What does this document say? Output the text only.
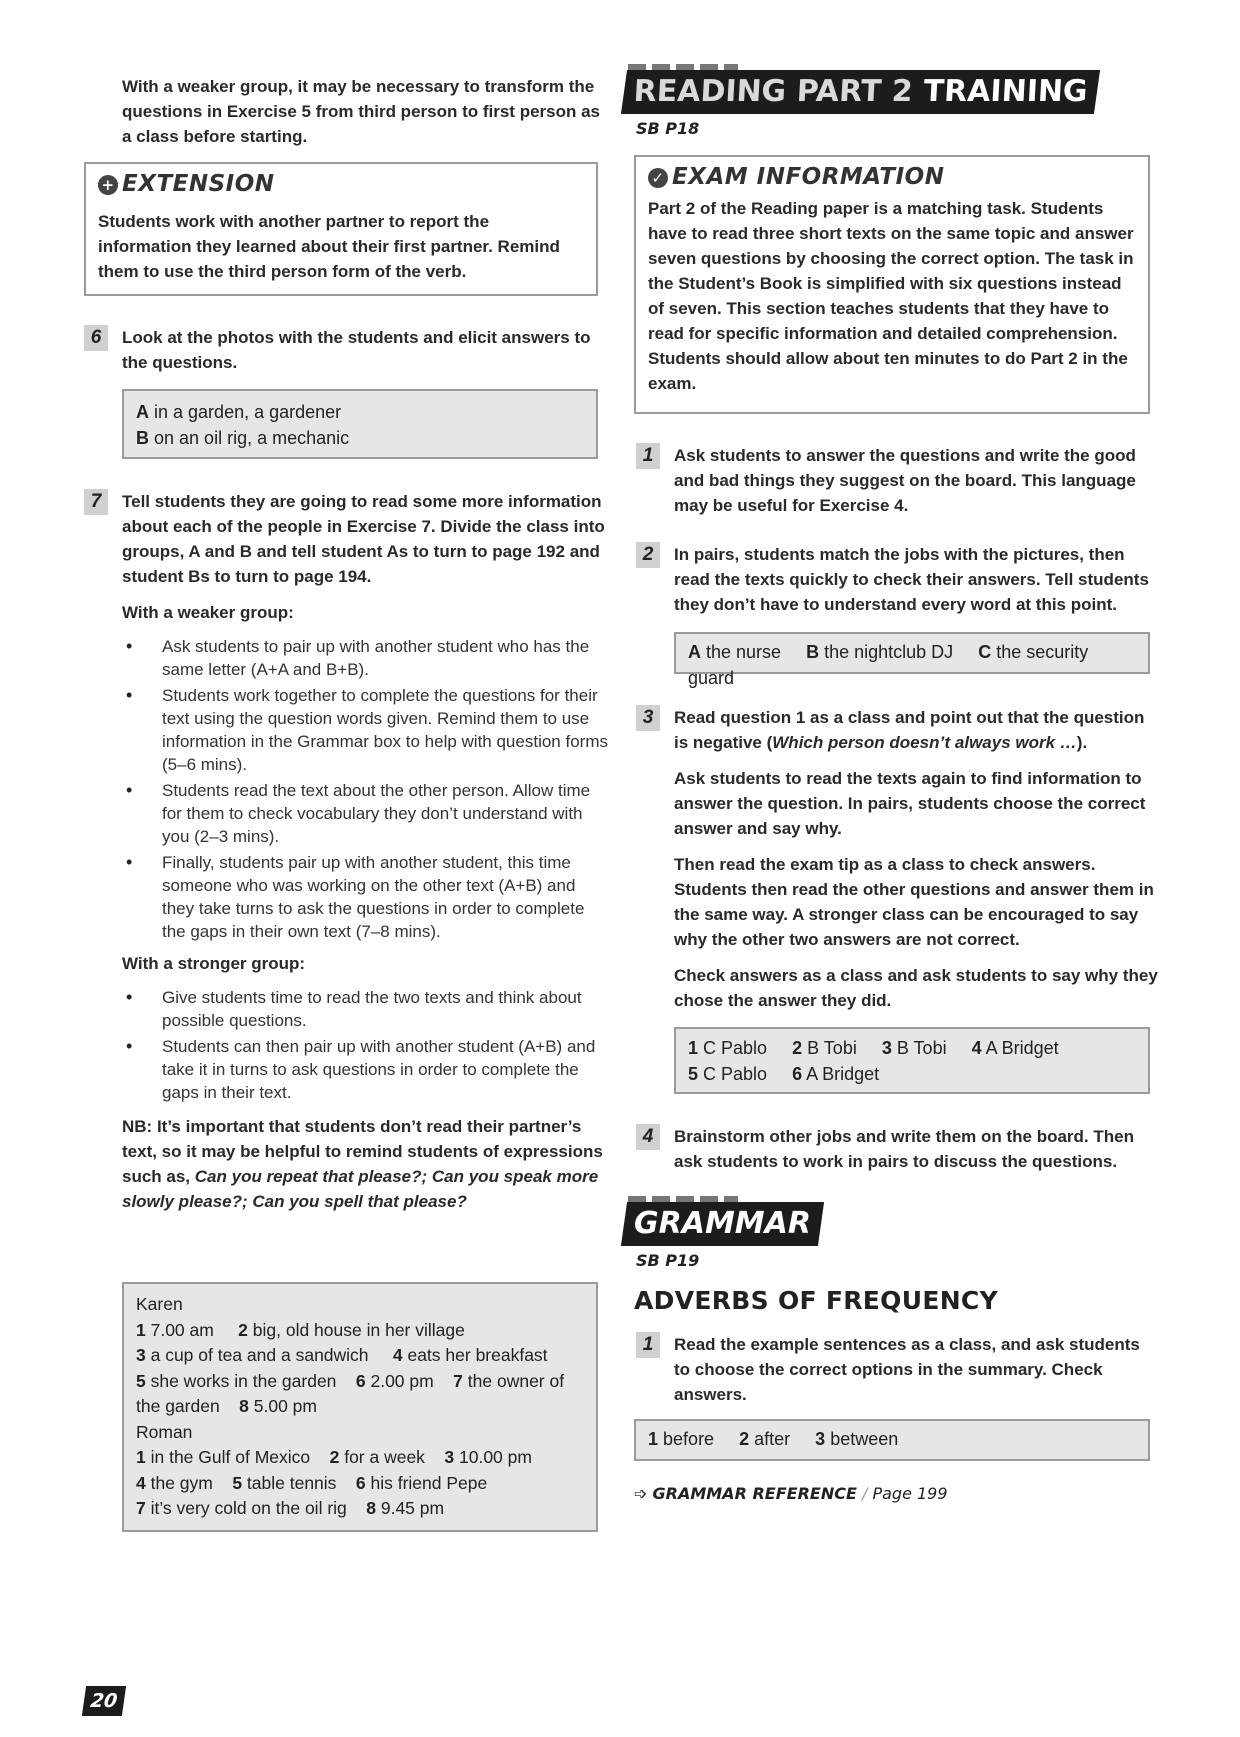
With a weaker group, it may be necessary to transform the questions in Exercise 5 from third person to first person as a class before starting.
+ EXTENSION
Students work with another partner to report the information they learned about their first partner. Remind them to use the third person form of the verb.
6	Look at the photos with the students and elicit answers to the questions.
A in a garden, a gardener
B on an oil rig, a mechanic
7	Tell students they are going to read some more information about each of the people in Exercise 7. Divide the class into groups, A and B and tell student As to turn to page 192 and student Bs to turn to page 194.
With a weaker group:
• Ask students to pair up with another student who has the same letter (A+A and B+B).
• Students work together to complete the questions for their text using the question words given. Remind them to use information in the Grammar box to help with question forms (5–6 mins).
• Students read the text about the other person. Allow time for them to check vocabulary they don’t understand with you (2–3 mins).
• Finally, students pair up with another student, this time someone who was working on the other text (A+B) and they take turns to ask the questions in order to complete the gaps in their own text (7–8 mins).
With a stronger group:
• Give students time to read the two texts and think about possible questions.
• Students can then pair up with another student (A+B) and take it in turns to ask questions in order to complete the gaps in their text.
NB: It’s important that students don’t read their partner’s text, so it may be helpful to remind students of expressions such as, Can you repeat that please?; Can you speak more slowly please?; Can you spell that please?
Karen
1 7.00 am 2 big, old house in her village
3 a cup of tea and a sandwich 4 eats her breakfast
5 she works in the garden 6 2.00 pm 7 the owner of the garden 8 5.00 pm
Roman
1 in the Gulf of Mexico 2 for a week 3 10.00 pm
4 the gym 5 table tennis 6 his friend Pepe
7 it’s very cold on the oil rig 8 9.45 pm
READING PART 2 TRAINING
SB P18
✓ EXAM INFORMATION
Part 2 of the Reading paper is a matching task. Students have to read three short texts on the same topic and answer seven questions by choosing the correct option. The task in the Student’s Book is simplified with six questions instead of seven. This section teaches students that they have to read for specific information and detailed comprehension. Students should allow about ten minutes to do Part 2 in the exam.
1	Ask students to answer the questions and write the good and bad things they suggest on the board. This language may be useful for Exercise 4.
2	In pairs, students match the jobs with the pictures, then read the texts quickly to check their answers. Tell students they don’t have to understand every word at this point.
A the nurse B the nightclub DJ C the security guard
3	Read question 1 as a class and point out that the question is negative (Which person doesn’t always work …).
Ask students to read the texts again to find information to answer the question. In pairs, students choose the correct answer and say why.
Then read the exam tip as a class to check answers. Students then read the other questions and answer them in the same way. A stronger class can be encouraged to say why the other two answers are not correct.
Check answers as a class and ask students to say why they chose the answer they did.
1 C Pablo 2 B Tobi 3 B Tobi 4 A Bridget
5 C Pablo 6 A Bridget
4	Brainstorm other jobs and write them on the board. Then ask students to work in pairs to discuss the questions.
GRAMMAR
SB P19
ADVERBS OF FREQUENCY
1	Read the example sentences as a class, and ask students to choose the correct options in the summary. Check answers.
1 before 2 after 3 between
➩ GRAMMAR REFERENCE / Page 199
20
